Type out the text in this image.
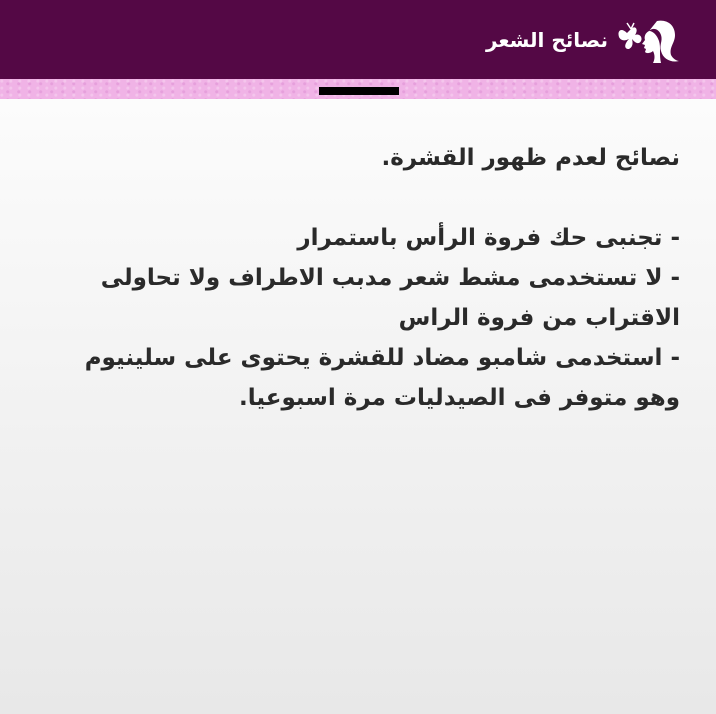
نصائح الشعر

نصائح لعدم ظهور القشرة.

- تجنبى حك فروة الرأس باستمرار

- لا تستخدمى مشط شعر مدبب الاطراف ولا تحاولى الاقتراب من فروة الراس

- استخدمى شامبو مضاد للقشرة يحتوى على سلينيوم وهو متوفر فى الصيدليات مرة اسبوعيا.
